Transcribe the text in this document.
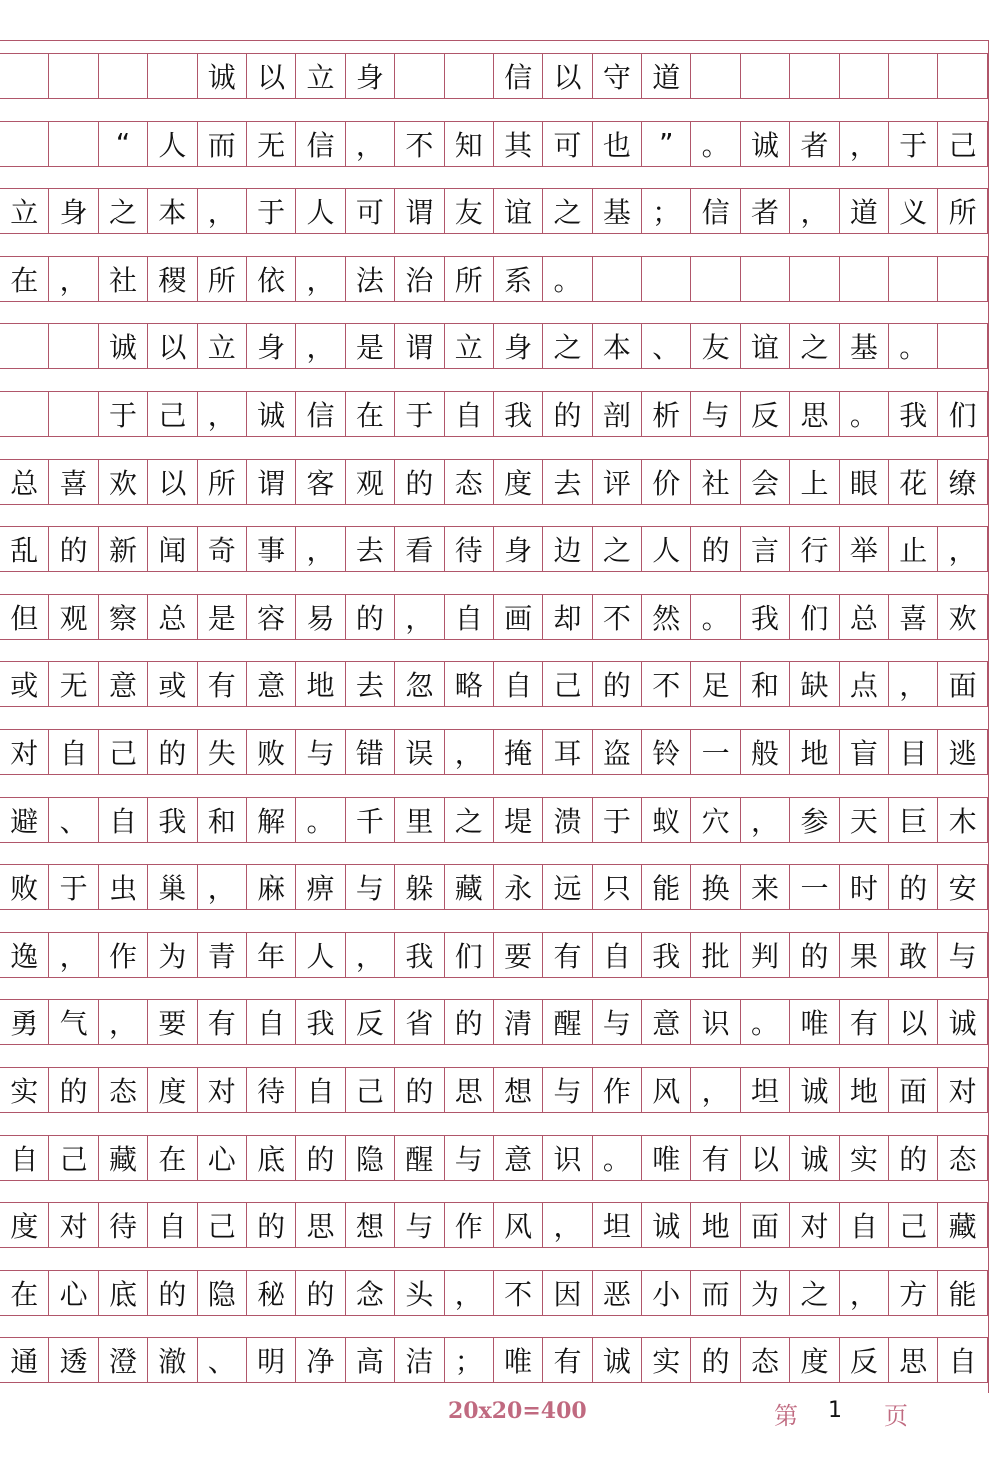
诚 以 立 身	信 以 守 道
“	人 而 无 信 ， 不 知 其 可 也	”	。 诚 者 ， 于 己
立 身 之 本 ， 于 人 可 谓 友 谊 之 基 ； 信 者 ， 道 义 所
在 ， 社 稷 所 依 ， 法 治 所 系 。
诚 以 立 身 ， 是 谓 立 身 之 本 、 友 谊 之 基 。
于 己 ， 诚 信 在 于 自 我 的 剖 析 与 反 思 。 我 们
总 喜 欢 以 所 谓 客 观 的 态 度 去 评 价 社 会 上 眼 花 缭
乱 的 新 闻 奇 事 ， 去 看 待 身 边 之 人 的 言 行 举 止 ，
但 观 察 总 是 容 易 的 ， 自 画 却 不 然 。 我 们 总 喜 欢
或 无 意 或 有 意 地 去 忽 略 自 己 的 不 足 和 缺 点 ， 面
对 自 己 的 失 败 与 错 误 ， 掩 耳 盗 铃 一 般 地 盲 目 逃
避 、 自 我 和 解 。 千 里 之 堤 溃 于 蚁 穴 ， 参 天 巨 木
败 于 虫 巢 ， 麻 痹 与 躲 藏 永 远 只 能 换 来 一 时 的 安
逸 ， 作 为 青 年 人 ， 我 们 要 有 自 我 批 判 的 果 敢 与
勇 气 ， 要 有 自 我 反 省 的 清 醒 与 意 识 。 唯 有 以 诚
实 的 态 度 对 待 自 己 的 思 想 与 作 风 ， 坦 诚 地 面 对
自 己 藏 在 心 底 的 隐 醒 与 意 识 。 唯 有 以 诚 实 的 态
度 对 待 自 己 的 思 想 与 作 风 ， 坦 诚 地 面 对 自 己 藏
在 心 底 的 隐 秘 的 念 头 ， 不 因 恶 小 而 为 之 ， 方 能
通 透 澄 澈 、 明 净 高 洁 ； 唯 有 诚 实 的 态 度 反 思 自
20x20=400	第 1 页
